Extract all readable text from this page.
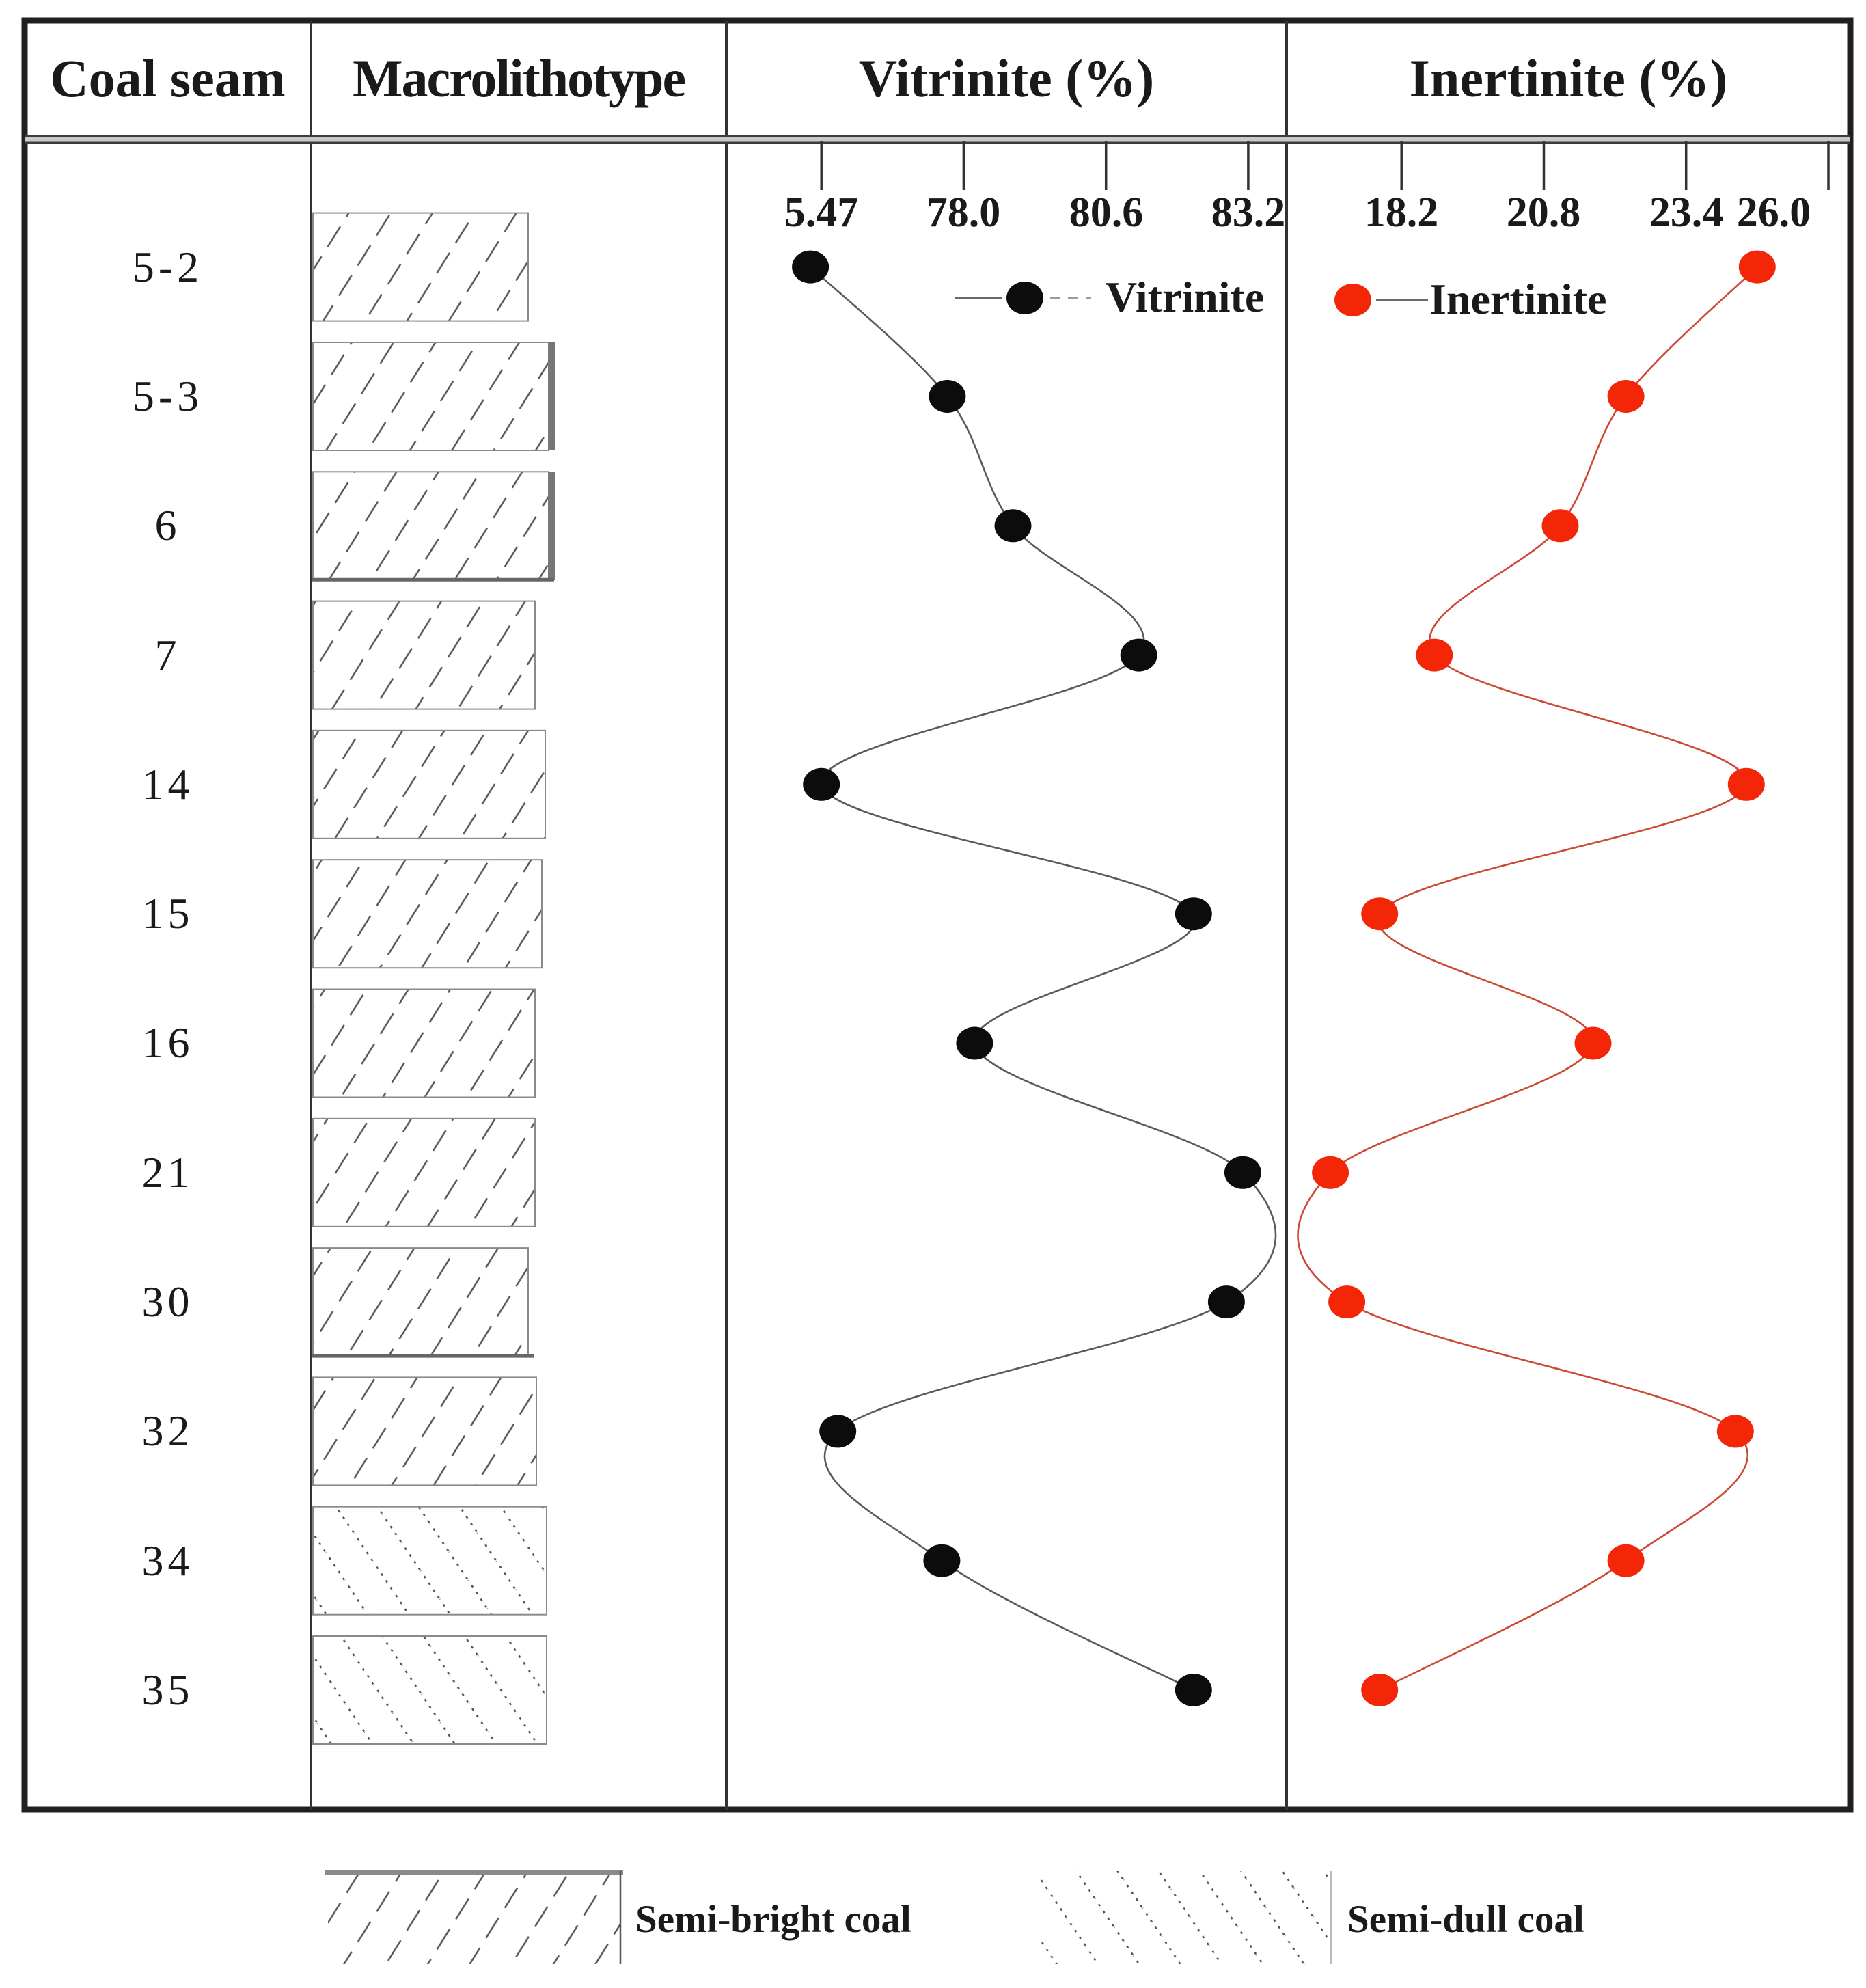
Coal seam	Macrolithotype	Vitrinite (%)	Inertinite (%)
Vitrinite	Inertinite
Semi-bright coal	Semi-dull coal
5-2
5-3
6
7
14
15
16
21
30
32
34
35
5.47	78.0	80.6	83.2	18.2	20.8	23.4 26.0
